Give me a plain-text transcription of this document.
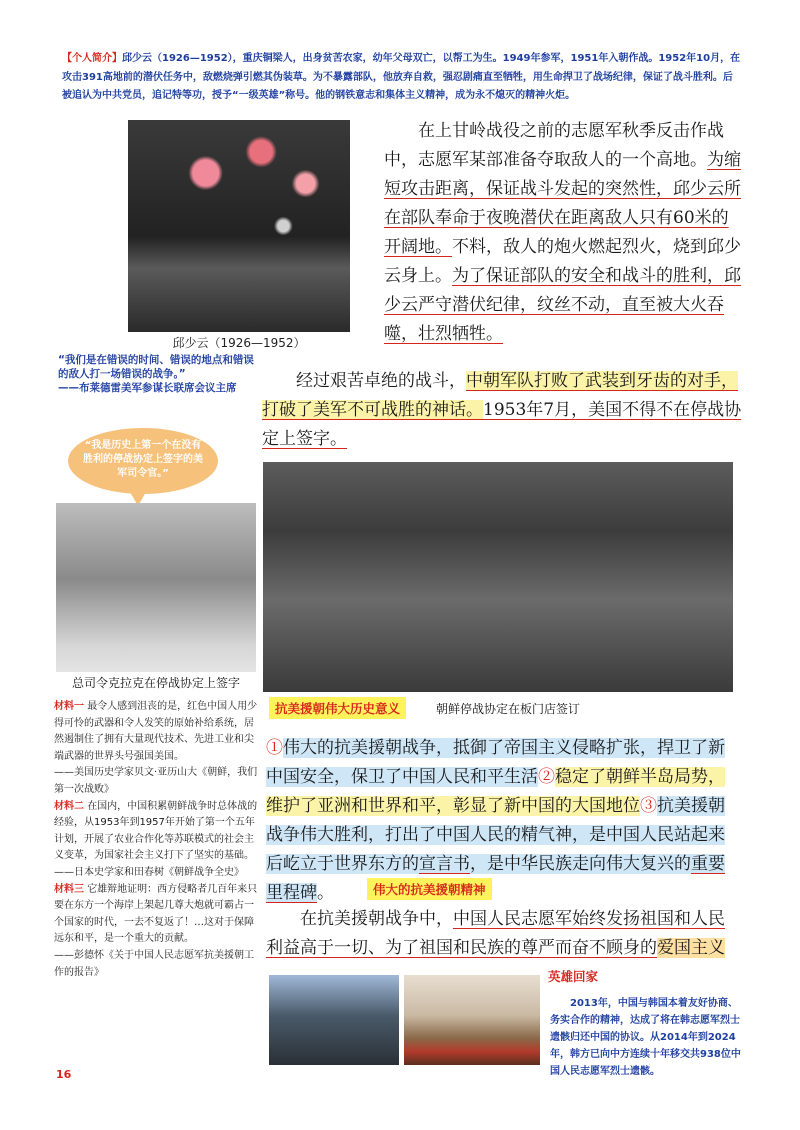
【个人简介】邱少云（1926—1952），重庆铜梁人，出身贫苦农家，幼年父母双亡，以帮工为生。1949年参军，1951年入朝作战。1952年10月，在攻击391高地前的潜伏任务中，敌燃烧弹引燃其伪装草。为不暴露部队，他放弃自救，强忍剧痛直至牺牲，用生命捍卫了战场纪律，保证了战斗胜利。后被追认为中共党员，追记特等功，授予“一级英雄”称号。他的钢铁意志和集体主义精神，成为永不熄灭的精神火炬。
邱少云（1926—1952）
在上甘岭战役之前的志愿军秋季反击作战中，志愿军某部准备夺取敌人的一个高地。为缩短攻击距离，保证战斗发起的突然性，邱少云所在部队奉命于夜晚潜伏在距离敌人只有60米的开阔地。不料，敌人的炮火燃起烈火，烧到邱少云身上。为了保证部队的安全和战斗的胜利，邱少云严守潜伏纪律，纹丝不动，直至被大火吞噬，壮烈牺牲。
“我们是在错误的时间、错误的地点和错误的敌人打一场错误的战争。”
——布莱德雷美军参谋长联席会议主席	经过艰苦卓绝的战斗，中朝军队打败了武装到牙齿的对手，打破了美军不可战胜的神话。1953年7月，美国不得不在停战协定上签字。
“我是历史上第一个在没有胜利的停战协定上签字的美军司令官。”
总司令克拉克在停战协定上签字
朝鲜停战协定在板门店签订
抗美援朝伟大历史意义

材料一 最令人感到沮丧的是，红色中国人用少得可怜的武器和令人发笑的原始补给系统，居然遏制住了拥有大量现代技术、先进工业和尖端武器的世界头号强国美国。
——美国历史学家贝文·亚历山大《朝鲜，我们第一次战败》

材料二 在国内，中国积累朝鲜战争时总体战的经验，从1953年到1957年开始了第一个五年计划，开展了农业合作化等苏联模式的社会主义变革，为国家社会主义打下了坚实的基础。
——日本史学家和田春树《朝鲜战争全史》

材料三 它雄辩地证明：西方侵略者几百年来只要在东方一个海岸上架起几尊大炮就可霸占一个国家的时代，一去不复返了！…这对于保障远东和平，是一个重大的贡献。
——彭德怀《关于中国人民志愿军抗美援朝工作的报告》

①伟大的抗美援朝战争，抵御了帝国主义侵略扩张，捍卫了新中国安全，保卫了中国人民和平生活②稳定了朝鲜半岛局势，维护了亚洲和世界和平，彰显了新中国的大国地位③抗美援朝战争伟大胜利，打出了中国人民的精气神，是中国人民站起来后屹立于世界东方的宣言书，是中华民族走向伟大复兴的重要里程碑。	伟大的抗美援朝精神
在抗美援朝战争中，中国人民志愿军始终发扬祖国和人民利益高于一切、为了祖国和民族的尊严而奋不顾身的爱国主义
英雄回家
2013年，中国与韩国本着友好协商、务实合作的精神，达成了将在韩志愿军烈士遗骸归还中国的协议。从2014年到2024年，韩方已向中方连续十年移交共938位中国人民志愿军烈士遗骸。
16
